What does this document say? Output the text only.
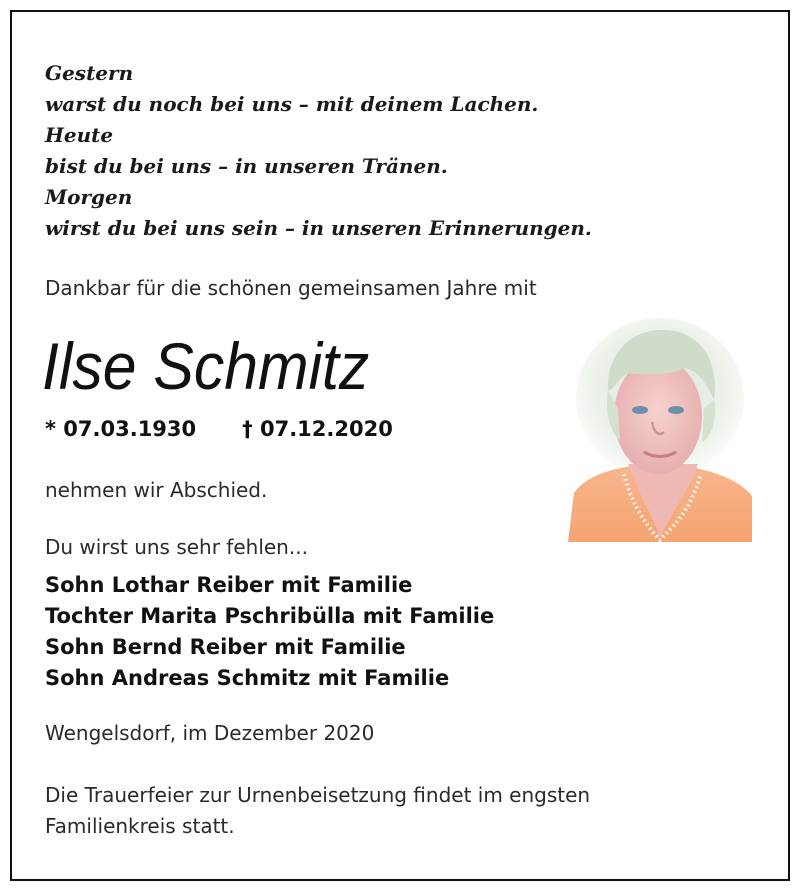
Gestern
warst du noch bei uns – mit deinem Lachen.
Heute
bist du bei uns – in unseren Tränen.
Morgen
wirst du bei uns sein – in unseren Erinnerungen.
Dankbar für die schönen gemeinsamen Jahre mit
Ilse Schmitz
* 07.03.1930 † 07.12.2020
nehmen wir Abschied.
Du wirst uns sehr fehlen...
Sohn Lothar Reiber mit Familie
Tochter Marita Pschribülla mit Familie
Sohn Bernd Reiber mit Familie
Sohn Andreas Schmitz mit Familie
Wengelsdorf, im Dezember 2020
Die Trauerfeier zur Urnenbeisetzung findet im engsten
Familienkreis statt.
